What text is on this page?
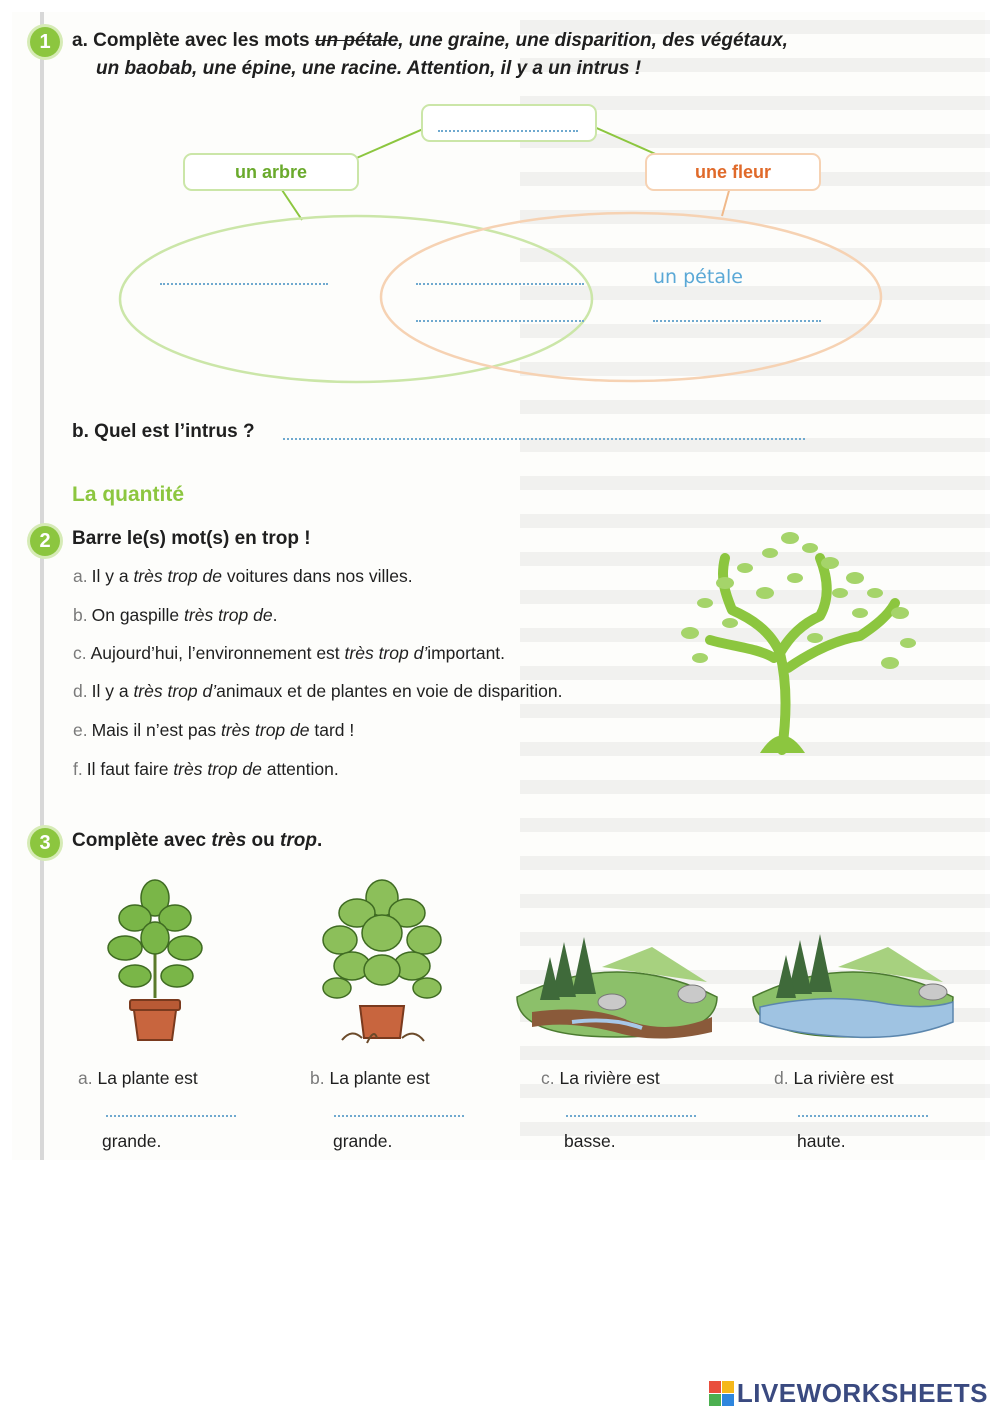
1	a. Complète avec les mots un pétale, une graine, une disparition, des végétaux,
un baobab, une épine, une racine. Attention, il y a un intrus !
un arbre	une fleur
un pétale
b. Quel est l’intrus ?
La quantité
2	Barre le(s) mot(s) en trop !
a. Il y a très trop de voitures dans nos villes.
b. On gaspille très trop de.
c. Aujourd’hui, l’environnement est très trop d’important.
d. Il y a très trop d’animaux et de plantes en voie de disparition.
e. Mais il n’est pas très trop de tard !
f. Il faut faire très trop de attention.
3	Complète avec très ou trop.
a. La plante est
grande.
b. La plante est
grande.
c. La rivière est
basse.
d. La rivière est
haute.
LIVEWORKSHEETS
